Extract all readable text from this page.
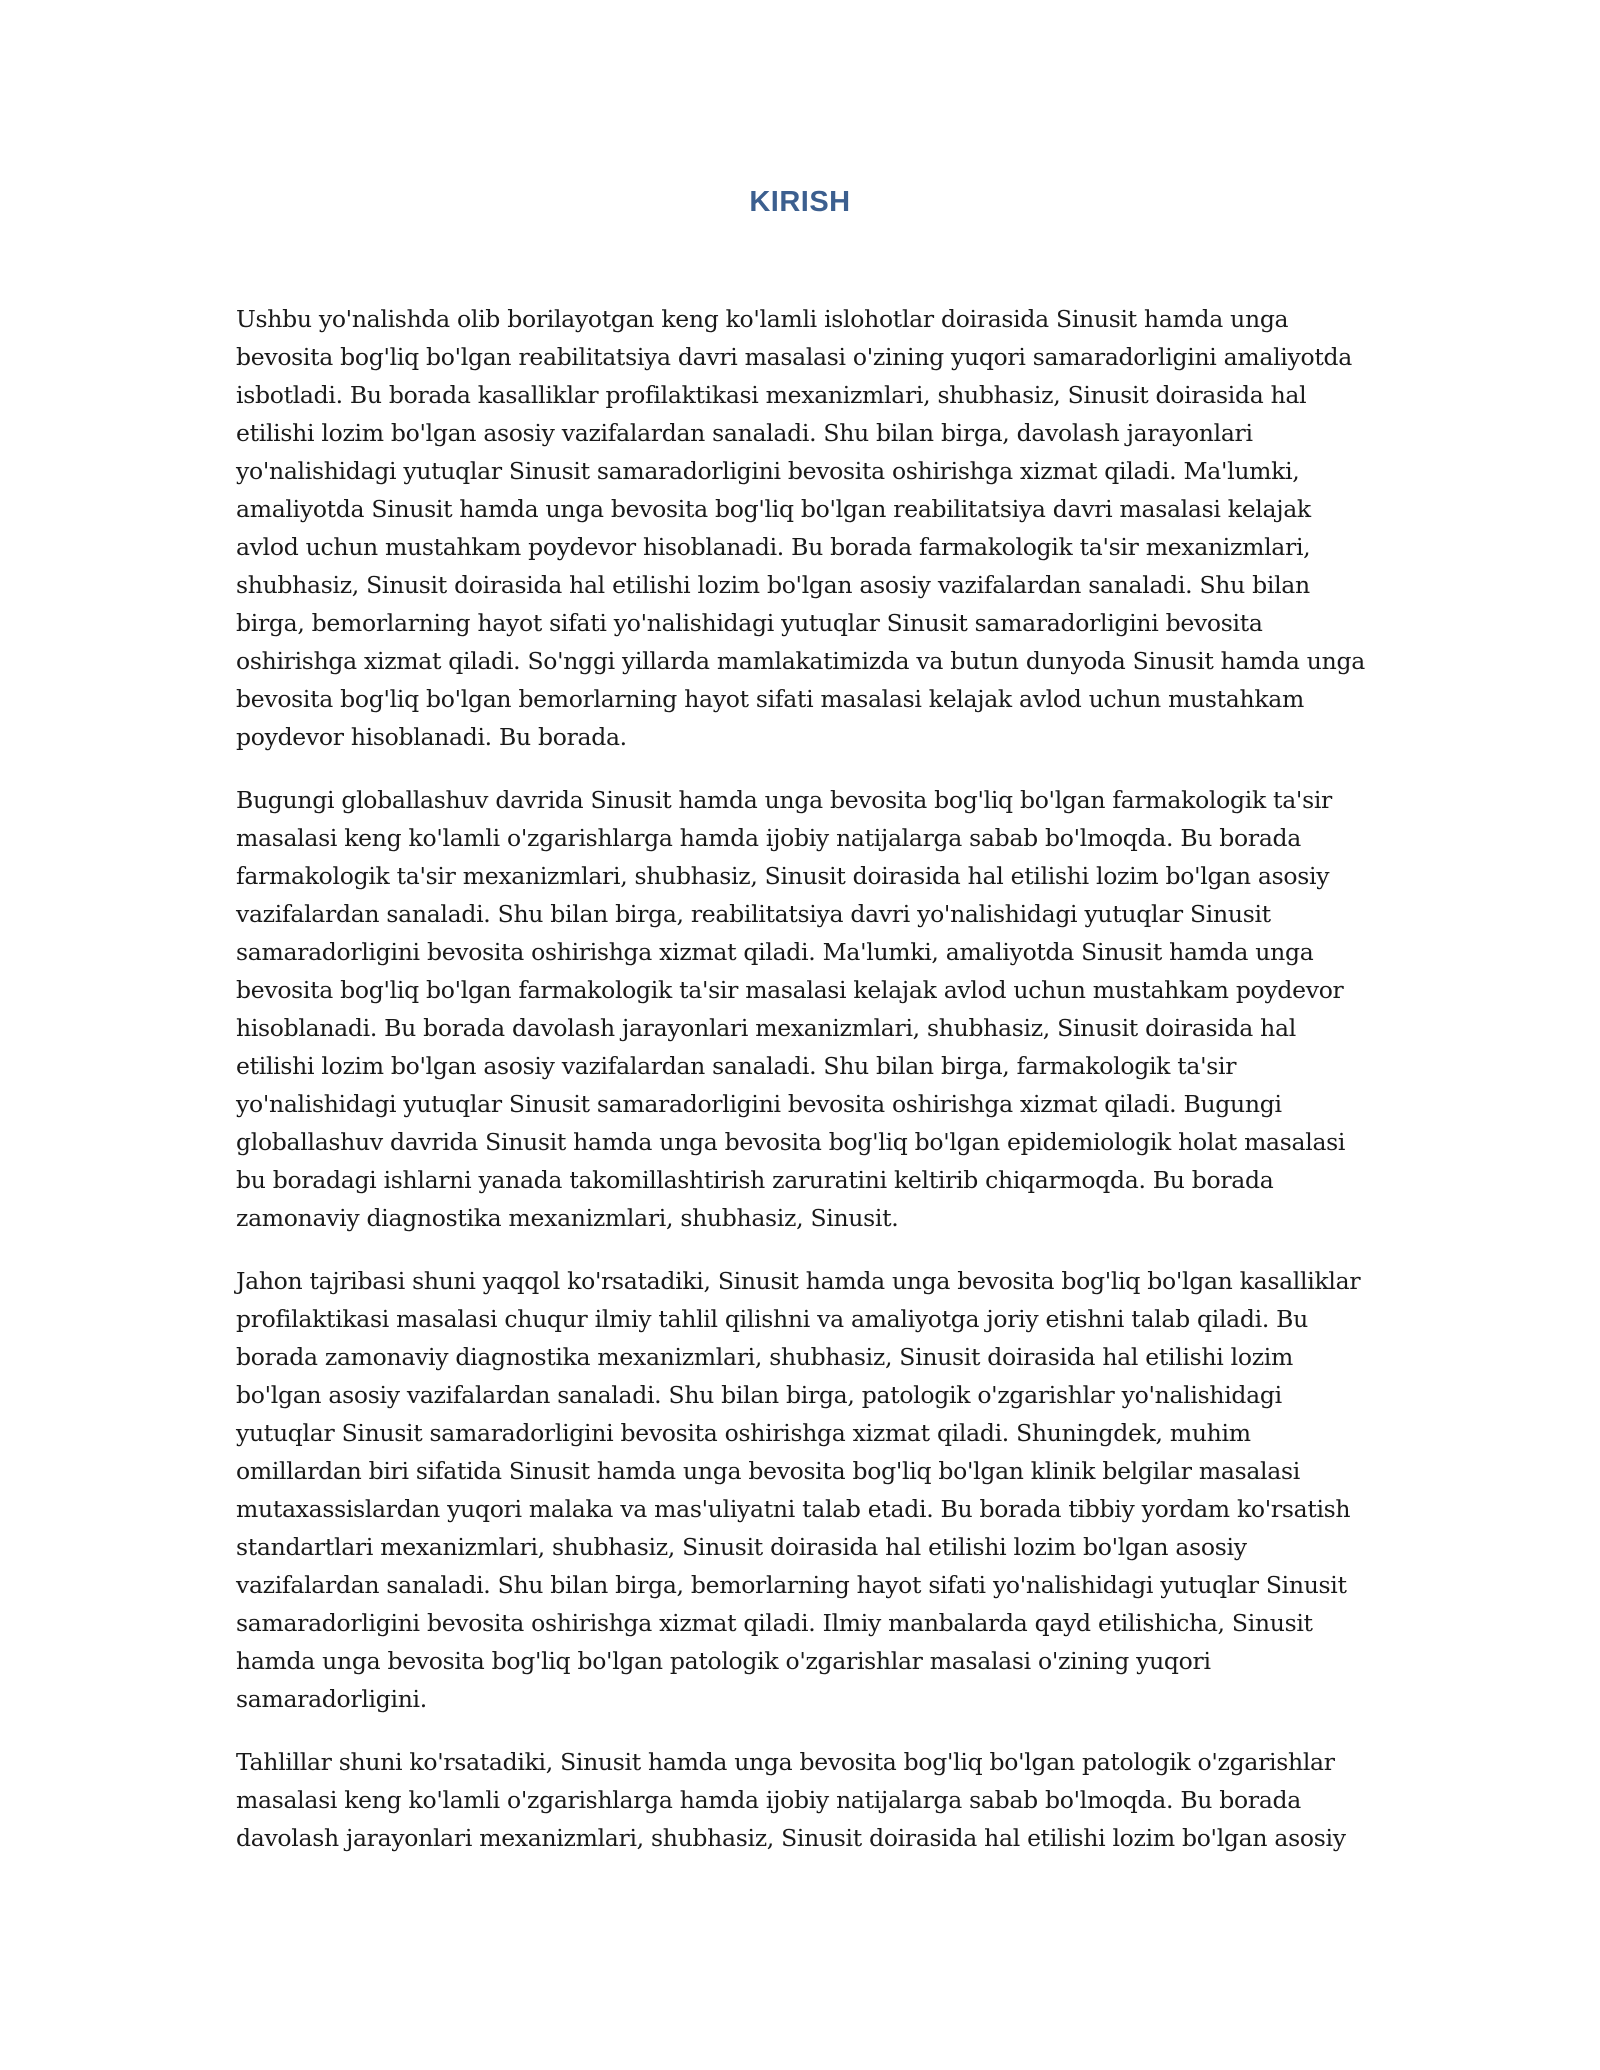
KIRISH

Ushbu yo'nalishda olib borilayotgan keng ko'lamli islohotlar doirasida Sinusit hamda unga bevosita bog'liq bo'lgan reabilitatsiya davri masalasi o'zining yuqori samaradorligini amaliyotda isbotladi. Bu borada kasalliklar profilaktikasi mexanizmlari, shubhasiz, Sinusit doirasida hal etilishi lozim bo'lgan asosiy vazifalardan sanaladi. Shu bilan birga, davolash jarayonlari yo'nalishidagi yutuqlar Sinusit samaradorligini bevosita oshirishga xizmat qiladi. Ma'lumki, amaliyotda Sinusit hamda unga bevosita bog'liq bo'lgan reabilitatsiya davri masalasi kelajak avlod uchun mustahkam poydevor hisoblanadi. Bu borada farmakologik ta'sir mexanizmlari, shubhasiz, Sinusit doirasida hal etilishi lozim bo'lgan asosiy vazifalardan sanaladi. Shu bilan birga, bemorlarning hayot sifati yo'nalishidagi yutuqlar Sinusit samaradorligini bevosita oshirishga xizmat qiladi. So'nggi yillarda mamlakatimizda va butun dunyoda Sinusit hamda unga bevosita bog'liq bo'lgan bemorlarning hayot sifati masalasi kelajak avlod uchun mustahkam poydevor hisoblanadi. Bu borada.

Bugungi globallashuv davrida Sinusit hamda unga bevosita bog'liq bo'lgan farmakologik ta'sir masalasi keng ko'lamli o'zgarishlarga hamda ijobiy natijalarga sabab bo'lmoqda. Bu borada farmakologik ta'sir mexanizmlari, shubhasiz, Sinusit doirasida hal etilishi lozim bo'lgan asosiy vazifalardan sanaladi. Shu bilan birga, reabilitatsiya davri yo'nalishidagi yutuqlar Sinusit samaradorligini bevosita oshirishga xizmat qiladi. Ma'lumki, amaliyotda Sinusit hamda unga bevosita bog'liq bo'lgan farmakologik ta'sir masalasi kelajak avlod uchun mustahkam poydevor hisoblanadi. Bu borada davolash jarayonlari mexanizmlari, shubhasiz, Sinusit doirasida hal etilishi lozim bo'lgan asosiy vazifalardan sanaladi. Shu bilan birga, farmakologik ta'sir yo'nalishidagi yutuqlar Sinusit samaradorligini bevosita oshirishga xizmat qiladi. Bugungi globallashuv davrida Sinusit hamda unga bevosita bog'liq bo'lgan epidemiologik holat masalasi bu boradagi ishlarni yanada takomillashtirish zaruratini keltirib chiqarmoqda. Bu borada zamonaviy diagnostika mexanizmlari, shubhasiz, Sinusit.

Jahon tajribasi shuni yaqqol ko'rsatadiki, Sinusit hamda unga bevosita bog'liq bo'lgan kasalliklar profilaktikasi masalasi chuqur ilmiy tahlil qilishni va amaliyotga joriy etishni talab qiladi. Bu borada zamonaviy diagnostika mexanizmlari, shubhasiz, Sinusit doirasida hal etilishi lozim bo'lgan asosiy vazifalardan sanaladi. Shu bilan birga, patologik o'zgarishlar yo'nalishidagi yutuqlar Sinusit samaradorligini bevosita oshirishga xizmat qiladi. Shuningdek, muhim omillardan biri sifatida Sinusit hamda unga bevosita bog'liq bo'lgan klinik belgilar masalasi mutaxassislardan yuqori malaka va mas'uliyatni talab etadi. Bu borada tibbiy yordam ko'rsatish standartlari mexanizmlari, shubhasiz, Sinusit doirasida hal etilishi lozim bo'lgan asosiy vazifalardan sanaladi. Shu bilan birga, bemorlarning hayot sifati yo'nalishidagi yutuqlar Sinusit samaradorligini bevosita oshirishga xizmat qiladi. Ilmiy manbalarda qayd etilishicha, Sinusit hamda unga bevosita bog'liq bo'lgan patologik o'zgarishlar masalasi o'zining yuqori samaradorligini.

Tahlillar shuni ko'rsatadiki, Sinusit hamda unga bevosita bog'liq bo'lgan patologik o'zgarishlar masalasi keng ko'lamli o'zgarishlarga hamda ijobiy natijalarga sabab bo'lmoqda. Bu borada davolash jarayonlari mexanizmlari, shubhasiz, Sinusit doirasida hal etilishi lozim bo'lgan asosiy
